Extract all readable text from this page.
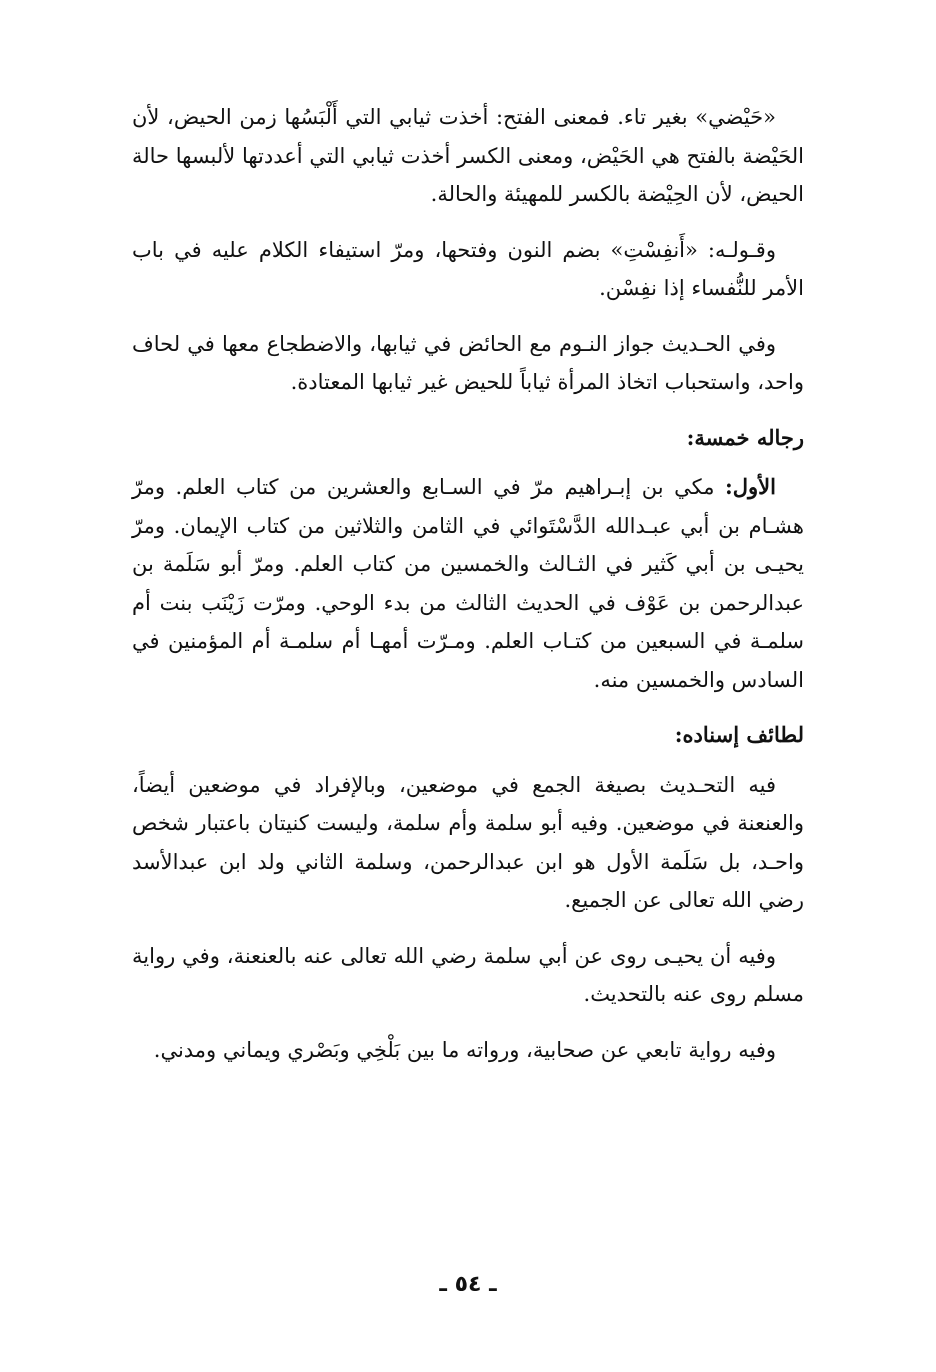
«حَيْضي» بغير تاء. فمعنى الفتح: أخذت ثيابي التي أَلْبَسُها زمن الحيض، لأن الحَيْضة بالفتح هي الحَيْض، ومعنى الكسر أخذت ثيابي التي أعددتها لألبسها حالة الحيض، لأن الحِيْضة بالكسر للمهيئة والحالة.

وقـولـه: «أَنفِسْتِ» بضم النون وفتحها، ومرّ استيفاء الكلام عليه في باب الأمر للنُّفساء إذا نفِسْن.

وفي الحـديث جواز النـوم مع الحائض في ثيابها، والاضطجاع معها في لحاف واحد، واستحباب اتخاذ المرأة ثياباً للحيض غير ثيابها المعتادة.

رجاله خمسة:

الأول: مكي بن إبـراهيم مرّ في السـابع والعشرين من كتاب العلم. ومرّ هشـام بن أبي عبـدالله الدَّسْتَوائي في الثامن والثلاثين من كتاب الإيمان. ومرّ يحيـى بن أبي كَثير في الثـالث والخمسين من كتاب العلم. ومرّ أبو سَلَمة بن عبدالرحمن بن عَوْف في الحديث الثالث من بدء الوحي. ومرّت زَيْنَب بنت أم سلمـة في السبعين من كتـاب العلم. ومـرّت أمهـا أم سلمـة أم المؤمنين في السادس والخمسين منه.

لطائف إسناده:

فيه التحـديث بصيغة الجمع في موضعين، وبالإفراد في موضعين أيضاً، والعنعنة في موضعين. وفيه أبو سلمة وأم سلمة، وليست كنيتان باعتبار شخص واحـد، بل سَلَمة الأول هو ابن عبدالرحمن، وسلمة الثاني ولد ابن عبدالأسد رضي الله تعالى عن الجميع.

وفيه أن يحيـى روى عن أبي سلمة رضي الله تعالى عنه بالعنعنة، وفي رواية مسلم روى عنه بالتحديث.

وفيه رواية تابعي عن صحابية، ورواته ما بين بَلْخِي وبَصْري ويماني ومدني.

ـ ٥٤ ـ
